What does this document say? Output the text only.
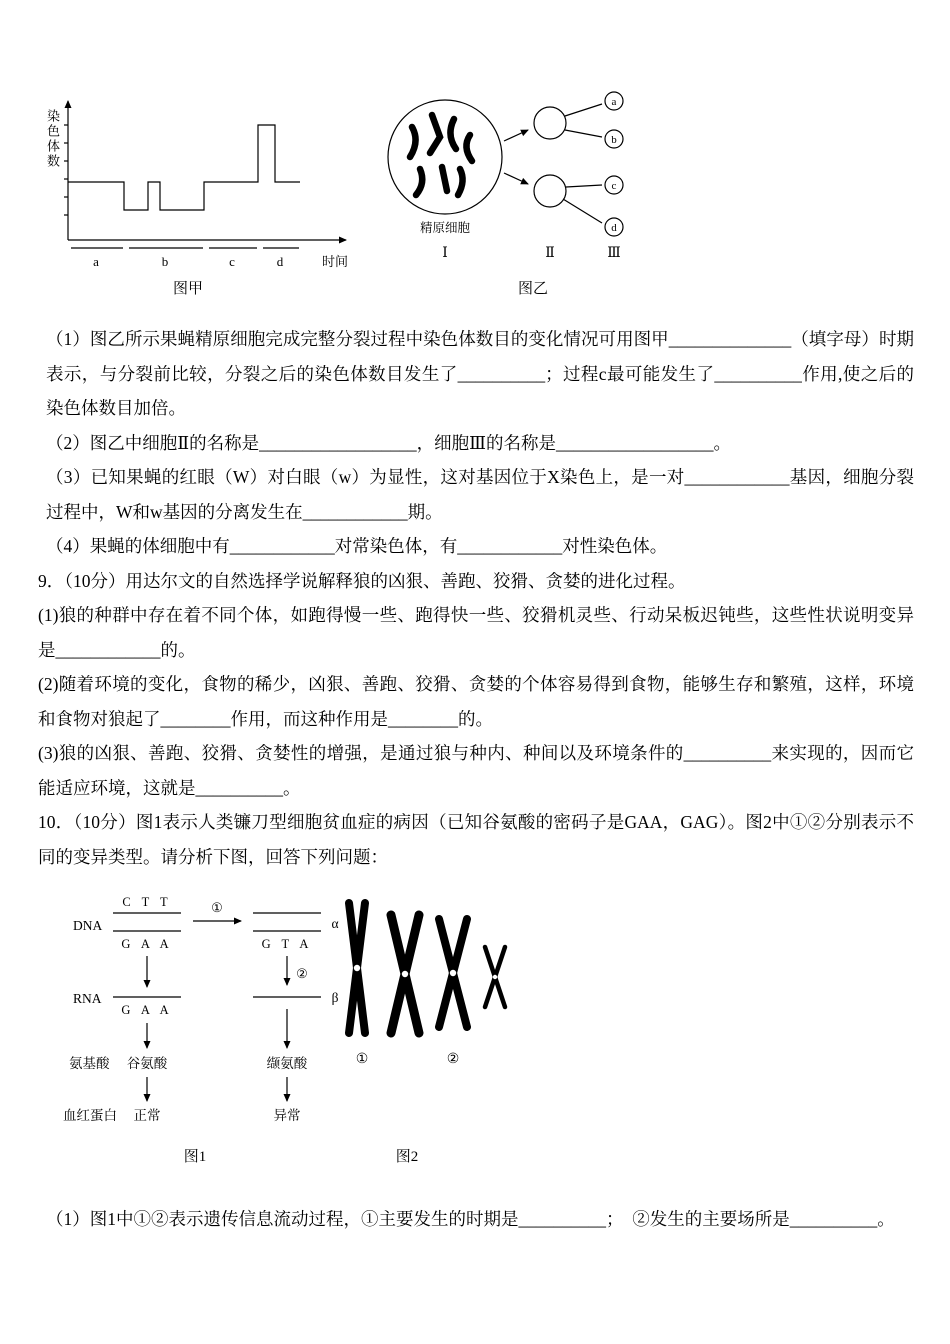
染色体数
a	b	c	d	时间
图甲
a
b
c
d
精原细胞
Ⅰ	Ⅱ	Ⅲ
图乙

（1）图乙所示果蝇精原细胞完成完整分裂过程中染色体数目的变化情况可用图甲______________（填字母）时期表示，与分裂前比较，分裂之后的染色体数目发生了__________；过程c最可能发生了__________作用,使之后的染色体数目加倍。

（2）图乙中细胞Ⅱ的名称是__________________，细胞Ⅲ的名称是__________________。

（3）已知果蝇的红眼（W）对白眼（w）为显性，这对基因位于X染色上，是一对____________基因，细胞分裂过程中，W和w基因的分离发生在____________期。

（4）果蝇的体细胞中有____________对常染色体，有____________对性染色体。

9．（10分）用达尔文的自然选择学说解释狼的凶狠、善跑、狡猾、贪婪的进化过程。

(1)狼的种群中存在着不同个体，如跑得慢一些、跑得快一些、狡猾机灵些、行动呆板迟钝些，这些性状说明变异是____________的。

(2)随着环境的变化，食物的稀少，凶狠、善跑、狡猾、贪婪的个体容易得到食物，能够生存和繁殖，这样，环境和食物对狼起了________作用，而这种作用是________的。

(3)狼的凶狠、善跑、狡猾、贪婪性的增强，是通过狼与种内、种间以及环境条件的__________来实现的，因而它能适应环境，这就是__________。

10．（10分）图1表示人类镰刀型细胞贫血症的病因（已知谷氨酸的密码子是GAA，GAG）。图2中①②分别表示不同的变异类型。请分析下图，回答下列问题：

DNA
RNA
氨基酸
血红蛋白
C T T
G A A
①
α
G T A
②
G A A
β
谷氨酸	缬氨酸
正常	异常
图1
①	②
图2

（1）图1中①②表示遗传信息流动过程，①主要发生的时期是__________；　②发生的主要场所是__________。
